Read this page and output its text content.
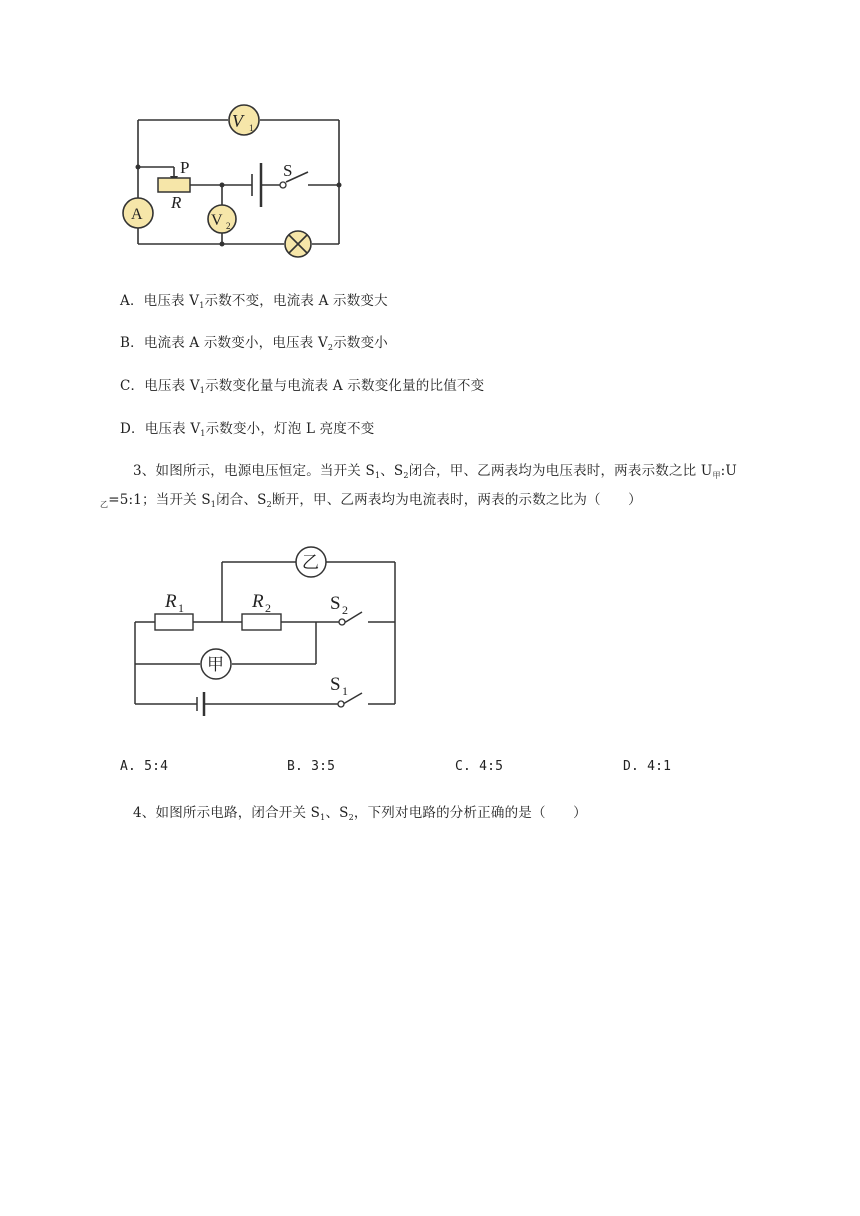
V 1
A	V 2
P
R
S
A．电压表 $V_1$示数不变，电流表 A 示数变大
B．电流表 A 示数变小，电压表 $V_2$示数变小
C．电压表 $V_1$示数变化量与电流表 A 示数变化量的比值不变
D．电压表 $V_1$示数变小，灯泡 L 亮度不变
3、如图所示，电源电压恒定。当开关 $S_1$、$S_2$闭合，甲、乙两表均为电压表时，两表示数之比 $U_甲:U$
$_乙$=5:1；当开关 $S_1$闭合、$S_2$断开，甲、乙两表均为电流表时，两表的示数之比为（　　）
乙
甲
R 1	R 2	S 2
S 1
A. 5:4	B. 3:5	C. 4:5	D. 4:1
4、如图所示电路，闭合开关 $S_1$、$S_2$，下列对电路的分析正确的是（　　）
